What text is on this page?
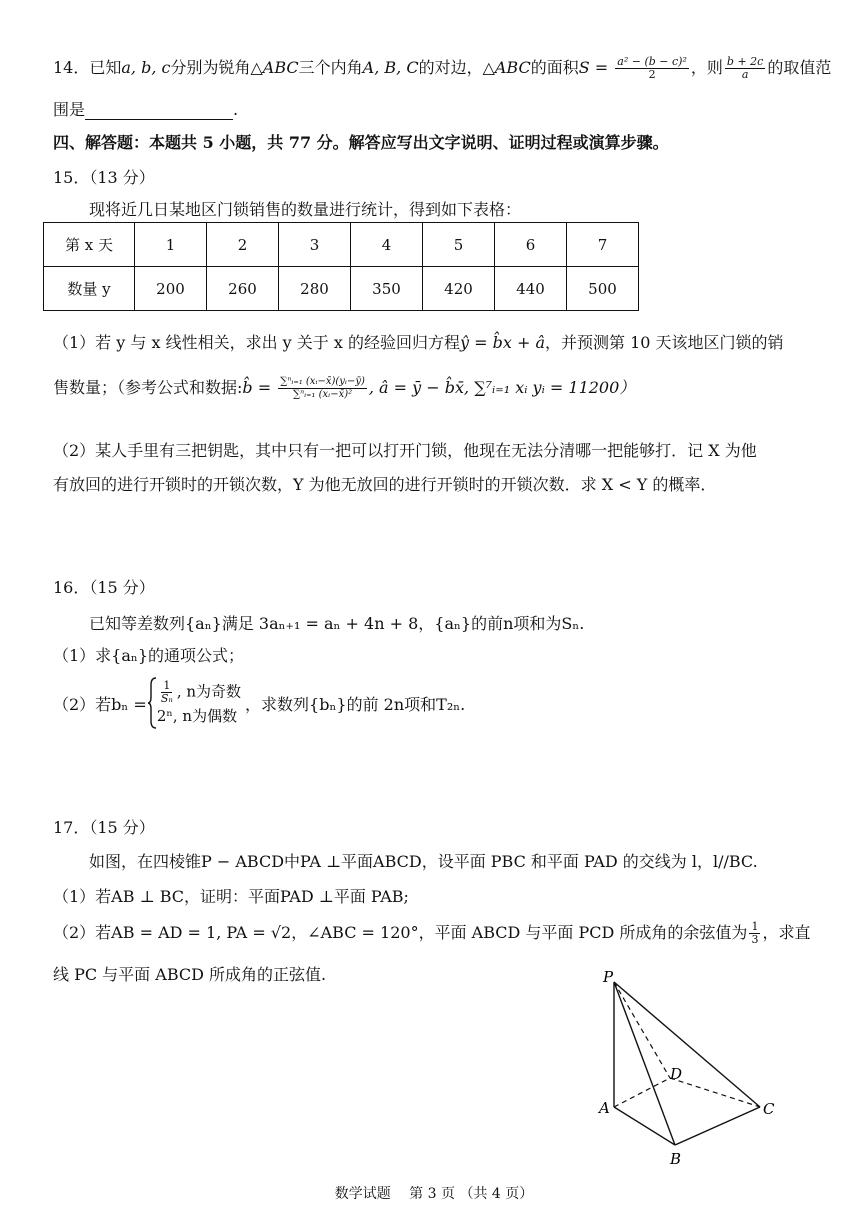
14．已知a, b, c分别为锐角△ABC三个内角A, B, C的对边，△ABC的面积$S = \frac{\text{a² − (b − c)²}}{2}$ ，则 $\frac{b + 2c}{a}$ 的取值范
围是	.
四、解答题：本题共 5 小题，共 77 分。解答应写出文字说明、证明过程或演算步骤。
15．（13 分）
现将近几日某地区门锁销售的数量进行统计，得到如下表格：
第 x 天	1	2	3	4	5	6	7
数量 y	200	260	280	350	420	440	500
（1）若 y 与 x 线性相关，求出 y 关于 x 的经验回归方程ŷ = b̂x + â，并预测第 10 天该地区门锁的销
售数量；（参考公式和数据:b̂ = $\frac{\text{∑ⁿᵢ₌₁ (xᵢ−x̄)(yᵢ−ȳ)}}{\text{∑ⁿᵢ₌₁ (xᵢ−x̄)²}}$ , â = ȳ − b̂x̄, ∑⁷ᵢ₌₁ xᵢ yᵢ = 11200）
（2）某人手里有三把钥匙，其中只有一把可以打开门锁，他现在无法分清哪一把能够打．记 X 为他
有放回的进行开锁时的开锁次数，Y 为他无放回的进行开锁时的开锁次数．求 X < Y 的概率．
16．（15 分）
已知等差数列{aₙ}满足 3aₙ₊₁ = aₙ + 4n + 8，{aₙ}的前n项和为Sₙ.
（1）求{aₙ}的通项公式；
（2）若$b_n = \frac{1}{\text{Sₙ}}$ , n为奇数
2ⁿ, n为偶数
，求数列{bₙ}的前 2n项和T₂ₙ.
17．（15 分）
如图，在四棱锥P − ABCD中PA ⊥平面ABCD，设平面 PBC 和平面 PAD 的交线为 l，l//BC.
（1）若AB ⊥ BC，证明：平面PAD ⊥平面 PAB;
（2）若AB = AD = 1, PA = √2，∠ABC = 120°，平面 ABCD 与平面 PCD 所成角的余弦值为 $\frac{1}{3}$ ，求直
线 PC 与平面 ABCD 所成角的正弦值.	P
A
B
C
D
数学试题　 第 3 页 （共 4 页）
